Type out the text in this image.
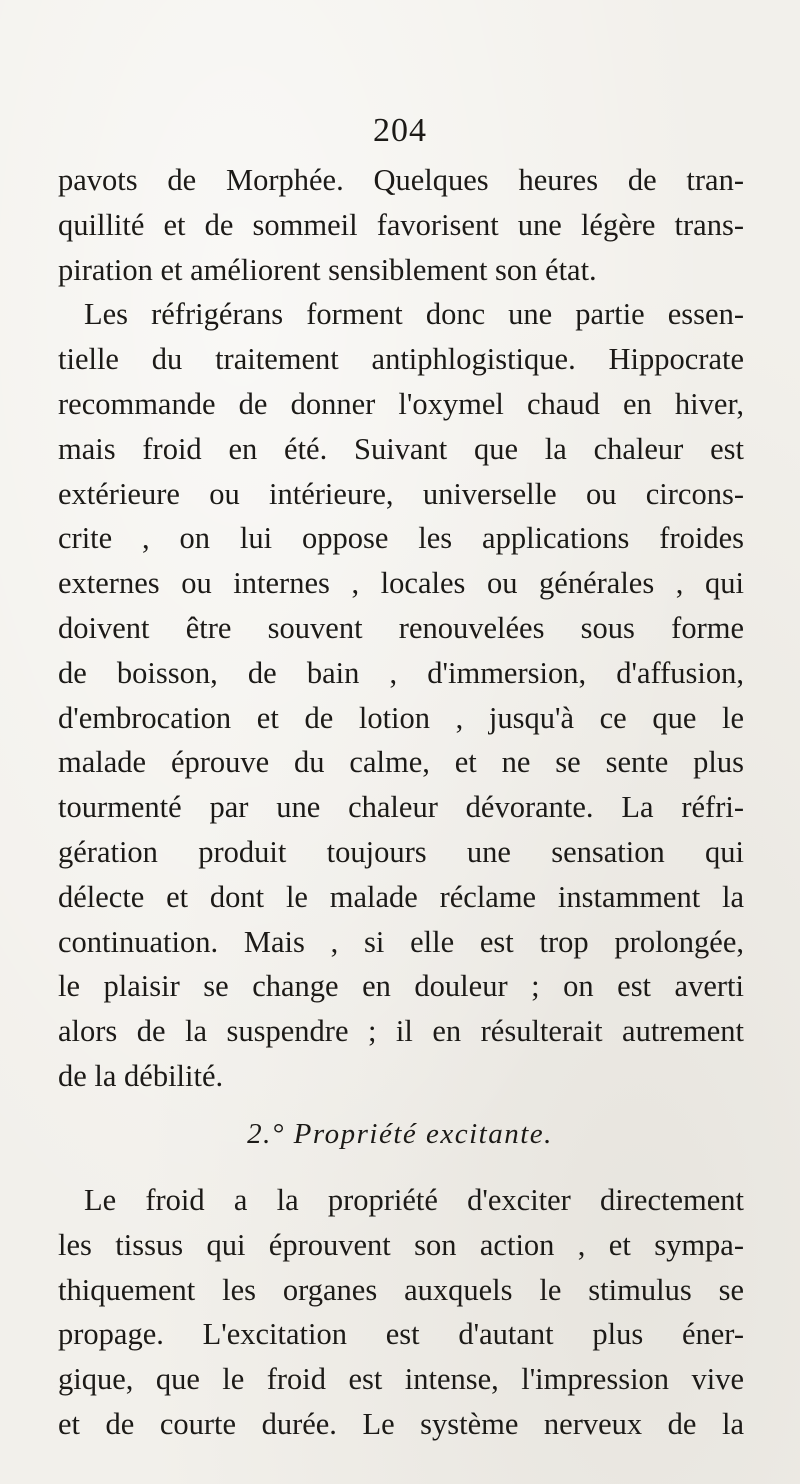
204
pavots de Morphée. Quelques heures de tran-
quillité et de sommeil favorisent une légère trans-
piration et améliorent sensiblement son état.
Les réfrigérans forment donc une partie essen-
tielle du traitement antiphlogistique. Hippocrate
recommande de donner l'oxymel chaud en hiver,
mais froid en été. Suivant que la chaleur est
extérieure ou intérieure, universelle ou circons-
crite , on lui oppose les applications froides
externes ou internes , locales ou générales , qui
doivent être souvent renouvelées sous forme
de boisson, de bain , d'immersion, d'affusion,
d'embrocation et de lotion , jusqu'à ce que le
malade éprouve du calme, et ne se sente plus
tourmenté par une chaleur dévorante. La réfri-
gération produit toujours une sensation qui
délecte et dont le malade réclame instamment la
continuation. Mais , si elle est trop prolongée,
le plaisir se change en douleur ; on est averti
alors de la suspendre ; il en résulterait autrement
de la débilité.
2.° Propriété excitante.
Le froid a la propriété d'exciter directement
les tissus qui éprouvent son action , et sympa-
thiquement les organes auxquels le stimulus se
propage. L'excitation est d'autant plus éner-
gique, que le froid est intense, l'impression vive
et de courte durée. Le système nerveux de la
